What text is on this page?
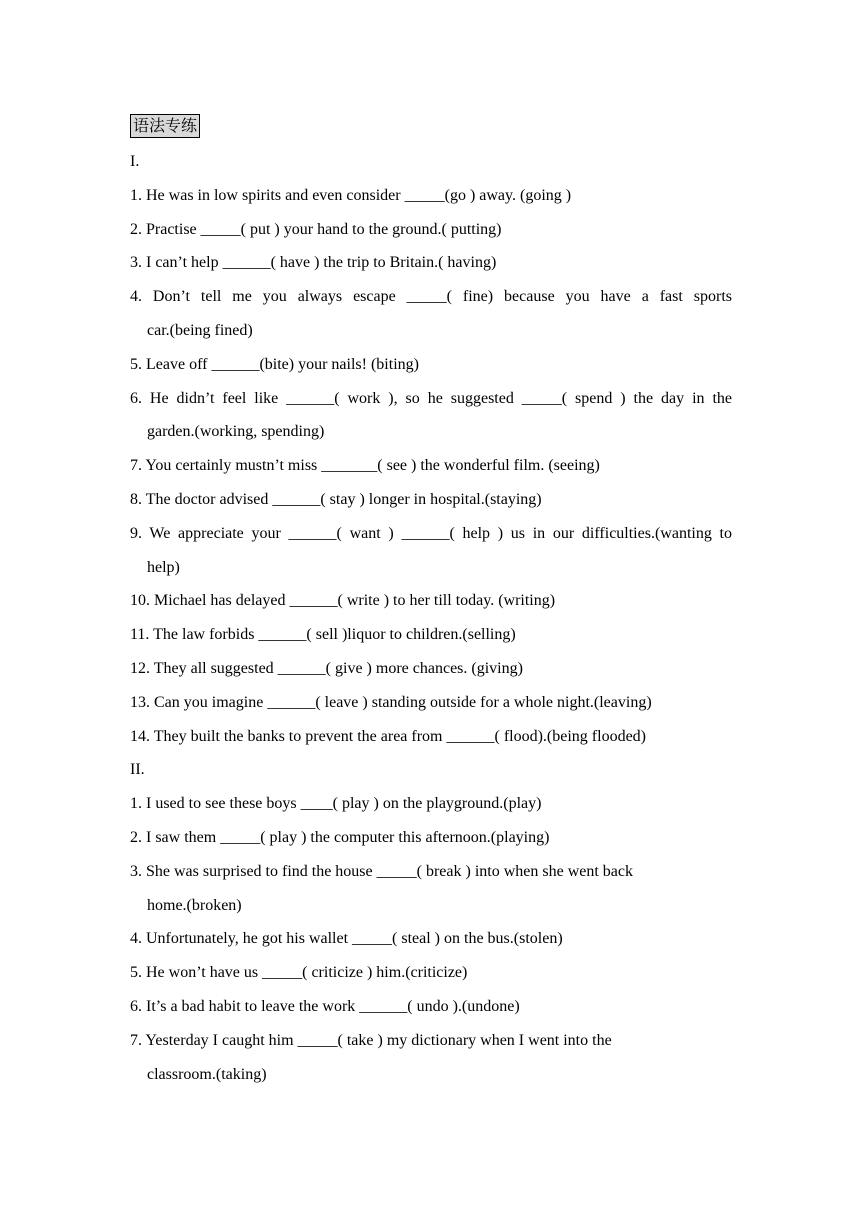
语法专练
I.
1. He was in low spirits and even consider _____(go ) away. (going )
2. Practise _____( put ) your hand to the ground.( putting)
3. I can’t help ______( have ) the trip to Britain.( having)
4. Don’t tell me you always escape _____( fine) because you have a fast sports
car.(being fined)
5. Leave off ______(bite) your nails! (biting)
6. He didn’t feel like ______( work ), so he suggested _____( spend ) the day in the
garden.(working, spending)
7. You certainly mustn’t miss _______( see ) the wonderful film. (seeing)
8. The doctor advised ______( stay ) longer in hospital.(staying)
9. We appreciate your ______( want ) ______( help ) us in our difficulties.(wanting to
help)
10. Michael has delayed ______( write ) to her till today. (writing)
11. The law forbids ______( sell )liquor to children.(selling)
12. They all suggested ______( give ) more chances. (giving)
13. Can you imagine ______( leave ) standing outside for a whole night.(leaving)
14. They built the banks to prevent the area from ______( flood).(being flooded)
II.
1. I used to see these boys ____( play ) on the playground.(play)
2. I saw them _____( play ) the computer this afternoon.(playing)
3. She was surprised to find the house _____( break ) into when she went back
home.(broken)
4. Unfortunately, he got his wallet _____( steal ) on the bus.(stolen)
5. He won’t have us _____( criticize ) him.(criticize)
6. It’s a bad habit to leave the work ______( undo ).(undone)
7. Yesterday I caught him _____( take ) my dictionary when I went into the
classroom.(taking)
